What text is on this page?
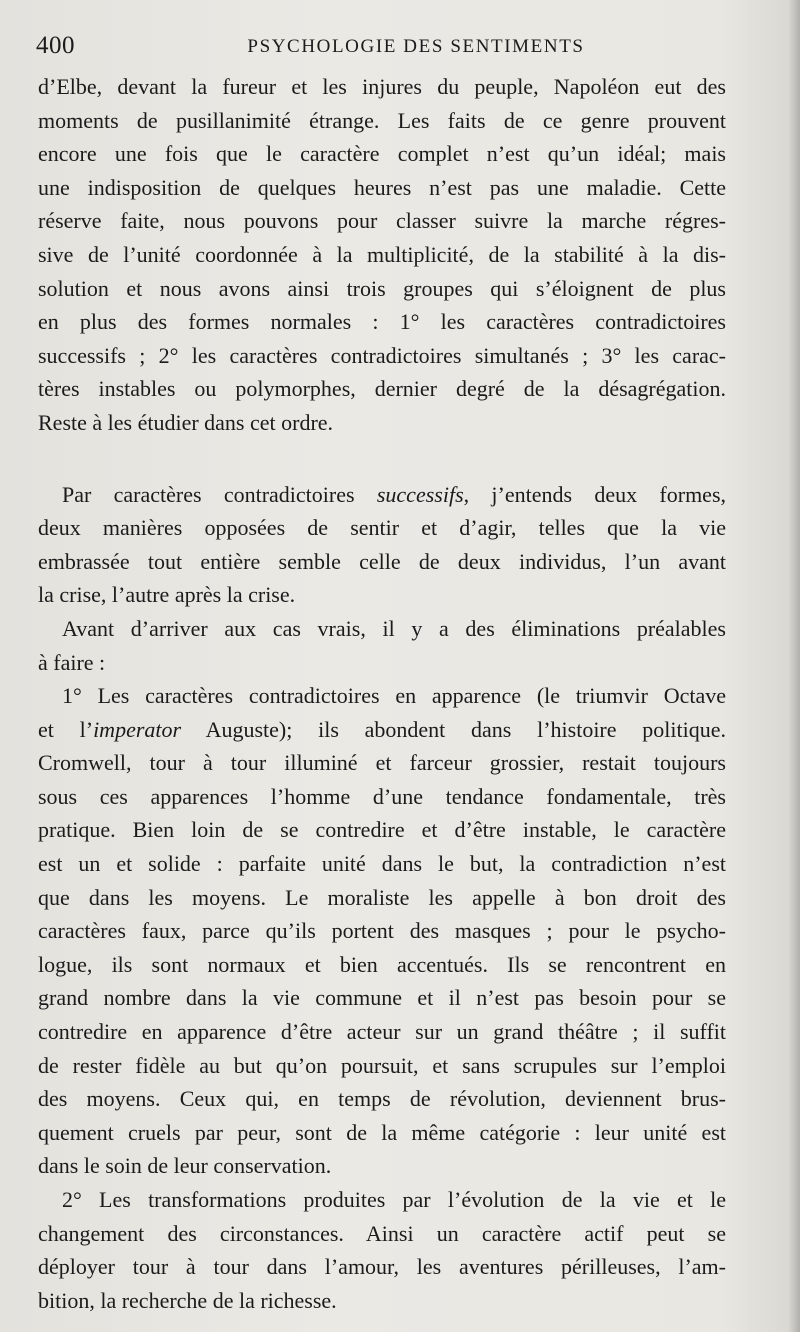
400	PSYCHOLOGIE DES SENTIMENTS
d’Elbe, devant la fureur et les injures du peuple, Napoléon eut des
moments de pusillanimité étrange. Les faits de ce genre prouvent
encore une fois que le caractère complet n’est qu’un idéal; mais
une indisposition de quelques heures n’est pas une maladie. Cette
réserve faite, nous pouvons pour classer suivre la marche régres-
sive de l’unité coordonnée à la multiplicité, de la stabilité à la dis-
solution et nous avons ainsi trois groupes qui s’éloignent de plus
en plus des formes normales : 1° les caractères contradictoires
successifs ; 2° les caractères contradictoires simultanés ; 3° les carac-
tères instables ou polymorphes, dernier degré de la désagrégation.
Reste à les étudier dans cet ordre.
Par caractères contradictoires successifs, j’entends deux formes,
deux manières opposées de sentir et d’agir, telles que la vie
embrassée tout entière semble celle de deux individus, l’un avant
la crise, l’autre après la crise.
Avant d’arriver aux cas vrais, il y a des éliminations préalables
à faire :
1° Les caractères contradictoires en apparence (le triumvir Octave
et l’imperator Auguste); ils abondent dans l’histoire politique.
Cromwell, tour à tour illuminé et farceur grossier, restait toujours
sous ces apparences l’homme d’une tendance fondamentale, très
pratique. Bien loin de se contredire et d’être instable, le caractère
est un et solide : parfaite unité dans le but, la contradiction n’est
que dans les moyens. Le moraliste les appelle à bon droit des
caractères faux, parce qu’ils portent des masques ; pour le psycho-
logue, ils sont normaux et bien accentués. Ils se rencontrent en
grand nombre dans la vie commune et il n’est pas besoin pour se
contredire en apparence d’être acteur sur un grand théâtre ; il suffit
de rester fidèle au but qu’on poursuit, et sans scrupules sur l’emploi
des moyens. Ceux qui, en temps de révolution, deviennent brus-
quement cruels par peur, sont de la même catégorie : leur unité est
dans le soin de leur conservation.
2° Les transformations produites par l’évolution de la vie et le
changement des circonstances. Ainsi un caractère actif peut se
déployer tour à tour dans l’amour, les aventures périlleuses, l’am-
bition, la recherche de la richesse.
